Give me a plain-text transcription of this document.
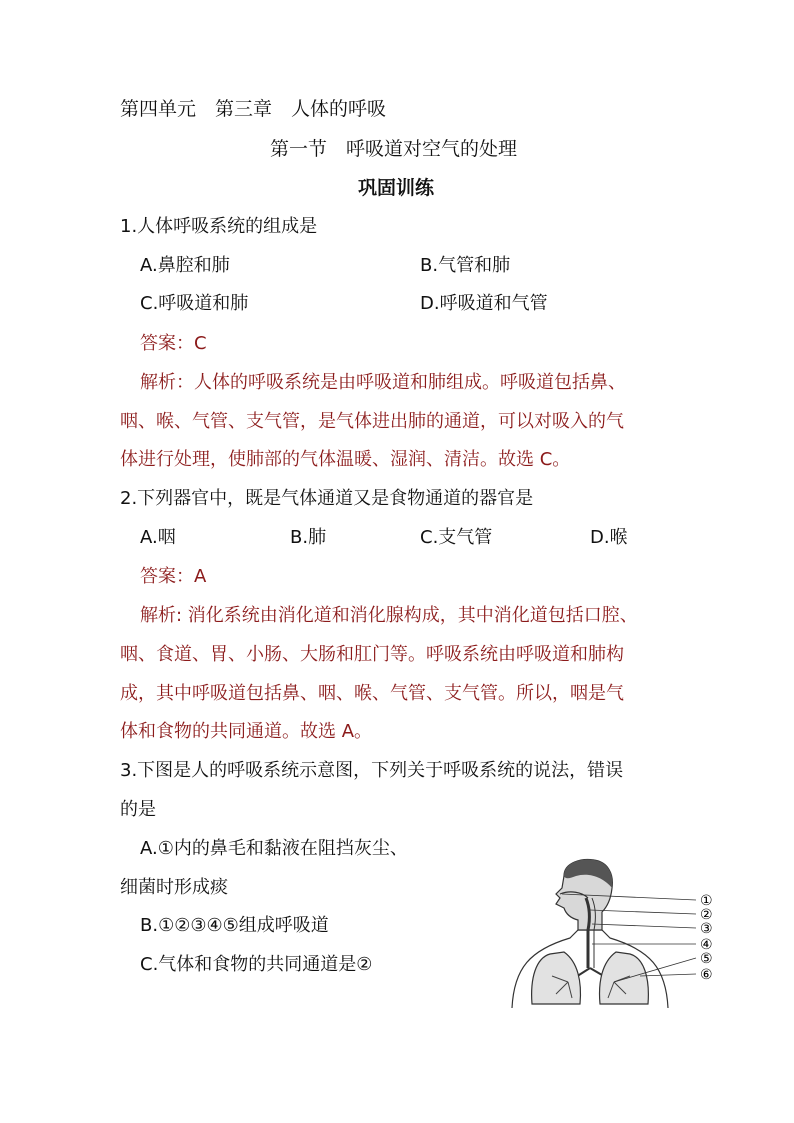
第四单元　第三章　人体的呼吸
第一节　呼吸道对空气的处理
巩固训练
1.人体呼吸系统的组成是
A.鼻腔和肺	B.气管和肺
C.呼吸道和肺	D.呼吸道和气管
答案：C
解析：人体的呼吸系统是由呼吸道和肺组成。呼吸道包括鼻、
咽、喉、气管、支气管，是气体进出肺的通道，可以对吸入的气
体进行处理，使肺部的气体温暖、湿润、清洁。故选 C。
2.下列器官中，既是气体通道又是食物通道的器官是
A.咽	B.肺	C.支气管	D.喉
答案：A
解析: 消化系统由消化道和消化腺构成，其中消化道包括口腔、
咽、食道、胃、小肠、大肠和肛门等。呼吸系统由呼吸道和肺构
成，其中呼吸道包括鼻、咽、喉、气管、支气管。所以，咽是气
体和食物的共同通道。故选 A。
3.下图是人的呼吸系统示意图，下列关于呼吸系统的说法，错误
的是
A.①内的鼻毛和黏液在阻挡灰尘、
细菌时形成痰
B.①②③④⑤组成呼吸道
C.气体和食物的共同通道是②
①
②
③
④
⑤
⑥
